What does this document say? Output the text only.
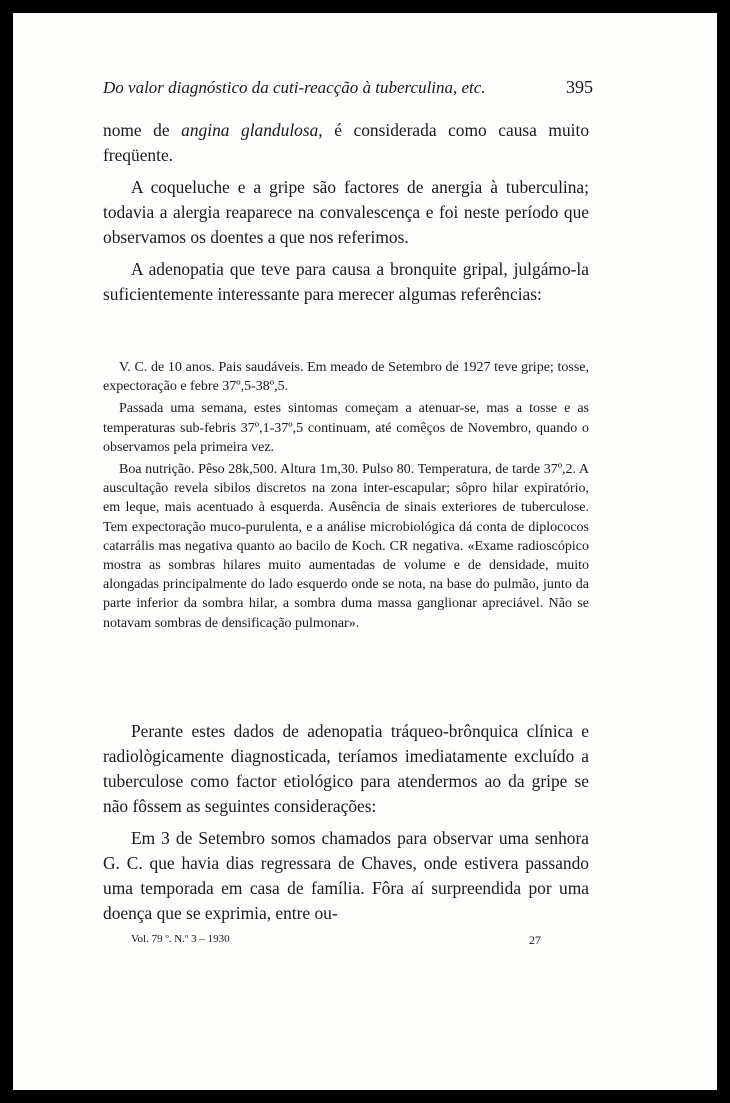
Do valor diagnóstico da cuti-reacção à tuberculina, etc.	395

nome de angina glandulosa, é considerada como causa muito freqüente.

A coqueluche e a gripe são factores de anergia à tuberculina; todavia a alergia reaparece na convalescença e foi neste período que observamos os doentes a que nos referimos.

A adenopatia que teve para causa a bronquite gripal, julgámo-la suficientemente interessante para merecer algumas referências:

V. C. de 10 anos. Pais saudáveis. Em meado de Setembro de 1927 teve gripe; tosse, expectoração e febre 37º,5-38º,5.

Passada uma semana, estes sintomas começam a atenuar-se, mas a tosse e as temperaturas sub-febris 37º,1-37º,5 continuam, até comêços de Novembro, quando o observamos pela primeira vez.

Boa nutrição. Pêso 28k,500. Altura 1m,30. Pulso 80. Temperatura, de tarde 37º,2. A auscultação revela sibilos discretos na zona inter-escapular; sôpro hilar expiratório, em leque, mais acentuado à esquerda. Ausência de sinais exteriores de tuberculose. Tem expectoração muco-purulenta, e a análise microbiológica dá conta de diplococos catarrális mas negativa quanto ao bacilo de Koch. CR negativa. «Exame radioscópico mostra as sombras hilares muito aumentadas de volume e de densidade, muito alongadas principalmente do lado esquerdo onde se nota, na base do pulmão, junto da parte inferior da sombra hilar, a sombra duma massa ganglionar apreciável. Não se notavam sombras de densificação pulmonar».

Perante estes dados de adenopatia tráqueo-brônquica clínica e radiològicamente diagnosticada, teríamos imediatamente excluído a tuberculose como factor etiológico para atendermos ao da gripe se não fôssem as seguintes considerações:

Em 3 de Setembro somos chamados para observar uma senhora G. C. que havia dias regressara de Chaves, onde estivera passando uma temporada em casa de família. Fôra aí surpreendida por uma doença que se exprimia, entre ou-

Vol. 79 º. N.º 3 – 1930	27
